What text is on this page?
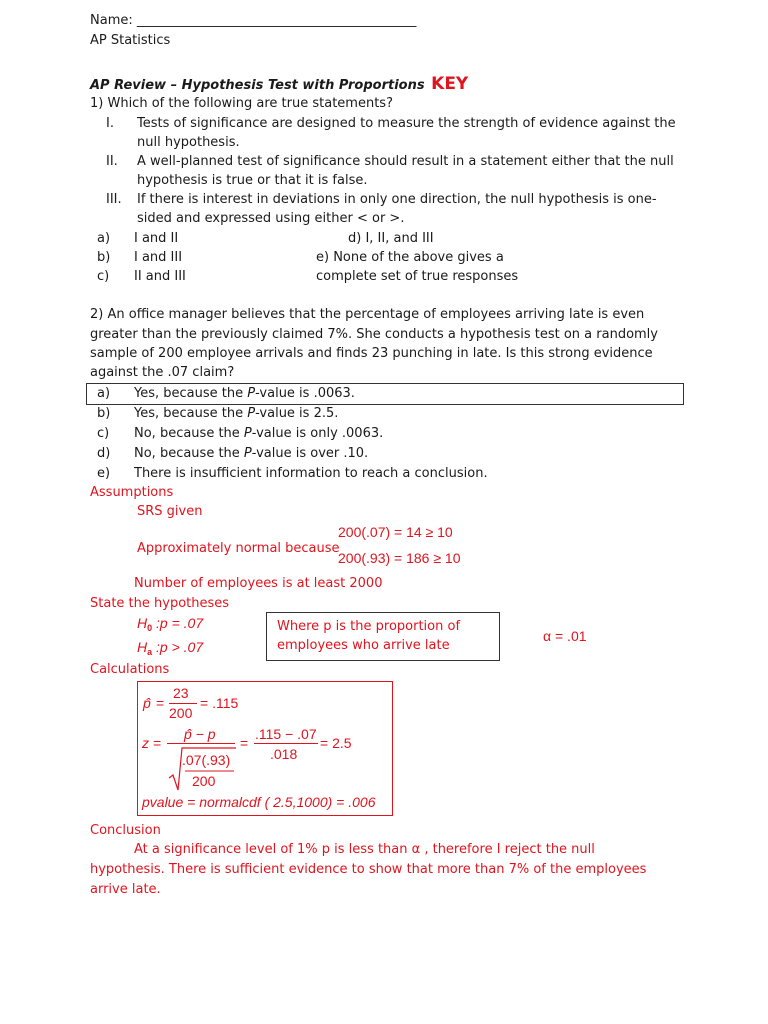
Name: ___________________________________________
AP Statistics
AP Review – Hypothesis Test with Proportions KEY
1) Which of the following are true statements?
I. Tests of significance are designed to measure the strength of evidence against the
null hypothesis.
II. A well-planned test of significance should result in a statement either that the null
hypothesis is true or that it is false.
III. If there is interest in deviations in only one direction, the null hypothesis is one-
sided and expressed using either < or >.
a) I and II
b) I and III
c) II and III
d) I, II, and III
e) None of the above gives a
complete set of true responses
2) An office manager believes that the percentage of employees arriving late is even
greater than the previously claimed 7%. She conducts a hypothesis test on a randomly
sample of 200 employee arrivals and finds 23 punching in late. Is this strong evidence
against the .07 claim?
a) Yes, because the P-value is .0063.
b) Yes, because the P-value is 2.5.
c) No, because the P-value is only .0063.
d) No, because the P-value is over .10.
e) There is insufficient information to reach a conclusion.
Assumptions
SRS given
Approximately normal because
200(.07) = 14 ≥ 10
200(.93) = 186 ≥ 10
Number of employees is at least 2000
State the hypotheses
$H_0$ :p = .07
$H_a$ :p > .07
Where p is the proportion of
employees who arrive late
α = .01
Calculations
p̂ =
23
200
= .115
z =
p̂ − p
.07(.93)
200
=
.115 − .07
.018
= 2.5
pvalue = normalcdf ( 2.5,1000) = .006
Conclusion
At a significance level of 1% p is less than α , therefore I reject the null
hypothesis. There is sufficient evidence to show that more than 7% of the employees
arrive late.
